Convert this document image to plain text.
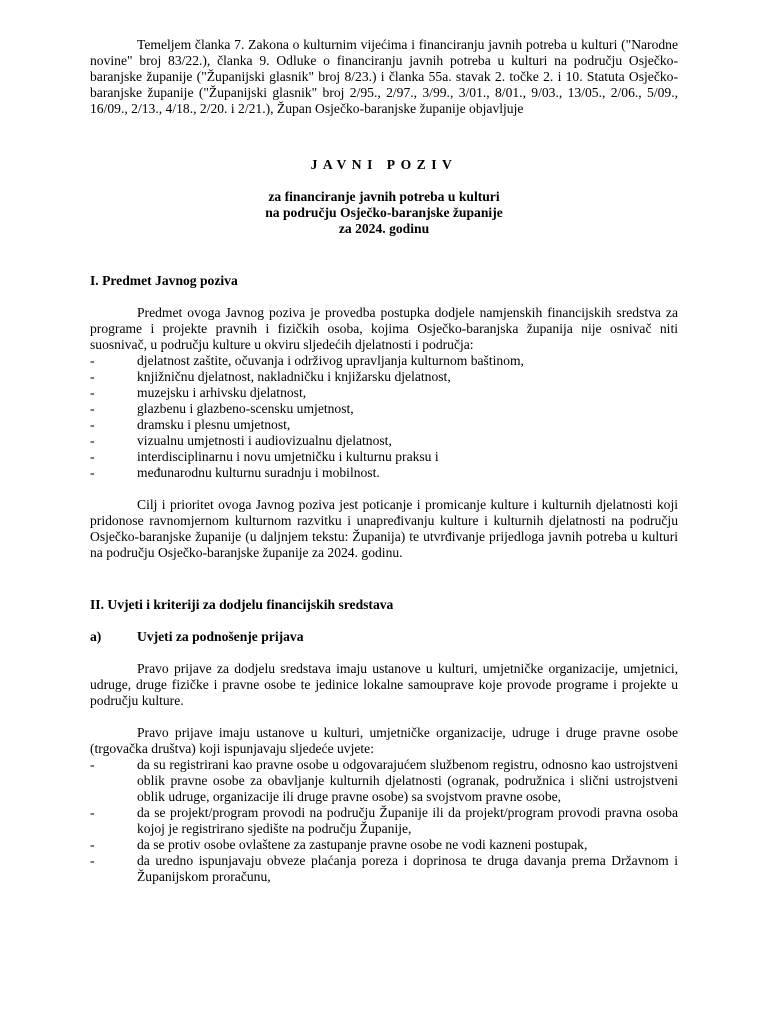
Temeljem članka 7. Zakona o kulturnim vijećima i financiranju javnih potreba u kulturi ("Narodne novine" broj 83/22.), članka 9. Odluke o financiranju javnih potreba u kulturi na području Osječko-baranjske županije ("Županijski glasnik" broj 8/23.) i članka 55a. stavak 2. točke 2. i 10. Statuta Osječko-baranjske županije ("Županijski glasnik" broj 2/95., 2/97., 3/99., 3/01., 8/01., 9/03., 13/05., 2/06., 5/09., 16/09., 2/13., 4/18., 2/20. i 2/21.), Župan Osječko-baranjske županije objavljuje

JAVNI POZIV

za financiranje javnih potreba u kulturi
na području Osječko-baranjske županije
za 2024. godinu

I. Predmet Javnog poziva

Predmet ovoga Javnog poziva je provedba postupka dodjele namjenskih financijskih sredstva za programe i projekte pravnih i fizičkih osoba, kojima Osječko-baranjska županija nije osnivač niti suosnivač, u području kulture u okviru sljedećih djelatnosti i područja:

-	djelatnost zaštite, očuvanja i održivog upravljanja kulturnom baštinom,
-	knjižničnu djelatnost, nakladničku i knjižarsku djelatnost,
-	muzejsku i arhivsku djelatnost,
-	glazbenu i glazbeno-scensku umjetnost,
-	dramsku i plesnu umjetnost,
-	vizualnu umjetnosti i audiovizualnu djelatnost,
-	interdisciplinarnu i novu umjetničku i kulturnu praksu i
-	međunarodnu kulturnu suradnju i mobilnost.

Cilj i prioritet ovoga Javnog poziva jest poticanje i promicanje kulture i kulturnih djelatnosti koji pridonose ravnomjernom kulturnom razvitku i unapređivanju kulture i kulturnih djelatnosti na području Osječko-baranjske županije (u daljnjem tekstu: Županija) te utvrđivanje prijedloga javnih potreba u kulturi na području Osječko-baranjske županije za 2024. godinu.

II. Uvjeti i kriteriji za dodjelu financijskih sredstava

a)	Uvjeti za podnošenje prijava

Pravo prijave za dodjelu sredstava imaju ustanove u kulturi, umjetničke organizacije, umjetnici, udruge, druge fizičke i pravne osobe te jedinice lokalne samouprave koje provode programe i projekte u području kulture.

Pravo prijave imaju ustanove u kulturi, umjetničke organizacije, udruge i druge pravne osobe (trgovačka društva) koji ispunjavaju sljedeće uvjete:

-	da su registrirani kao pravne osobe u odgovarajućem službenom registru, odnosno kao ustrojstveni oblik pravne osobe za obavljanje kulturnih djelatnosti (ogranak, podružnica i slični ustrojstveni oblik udruge, organizacije ili druge pravne osobe) sa svojstvom pravne osobe,
-	da se projekt/program provodi na području Županije ili da projekt/program provodi pravna osoba kojoj je registrirano sjedište na području Županije,
-	da se protiv osobe ovlaštene za zastupanje pravne osobe ne vodi kazneni postupak,
-	da uredno ispunjavaju obveze plaćanja poreza i doprinosa te druga davanja prema Državnom i Županijskom proračunu,
